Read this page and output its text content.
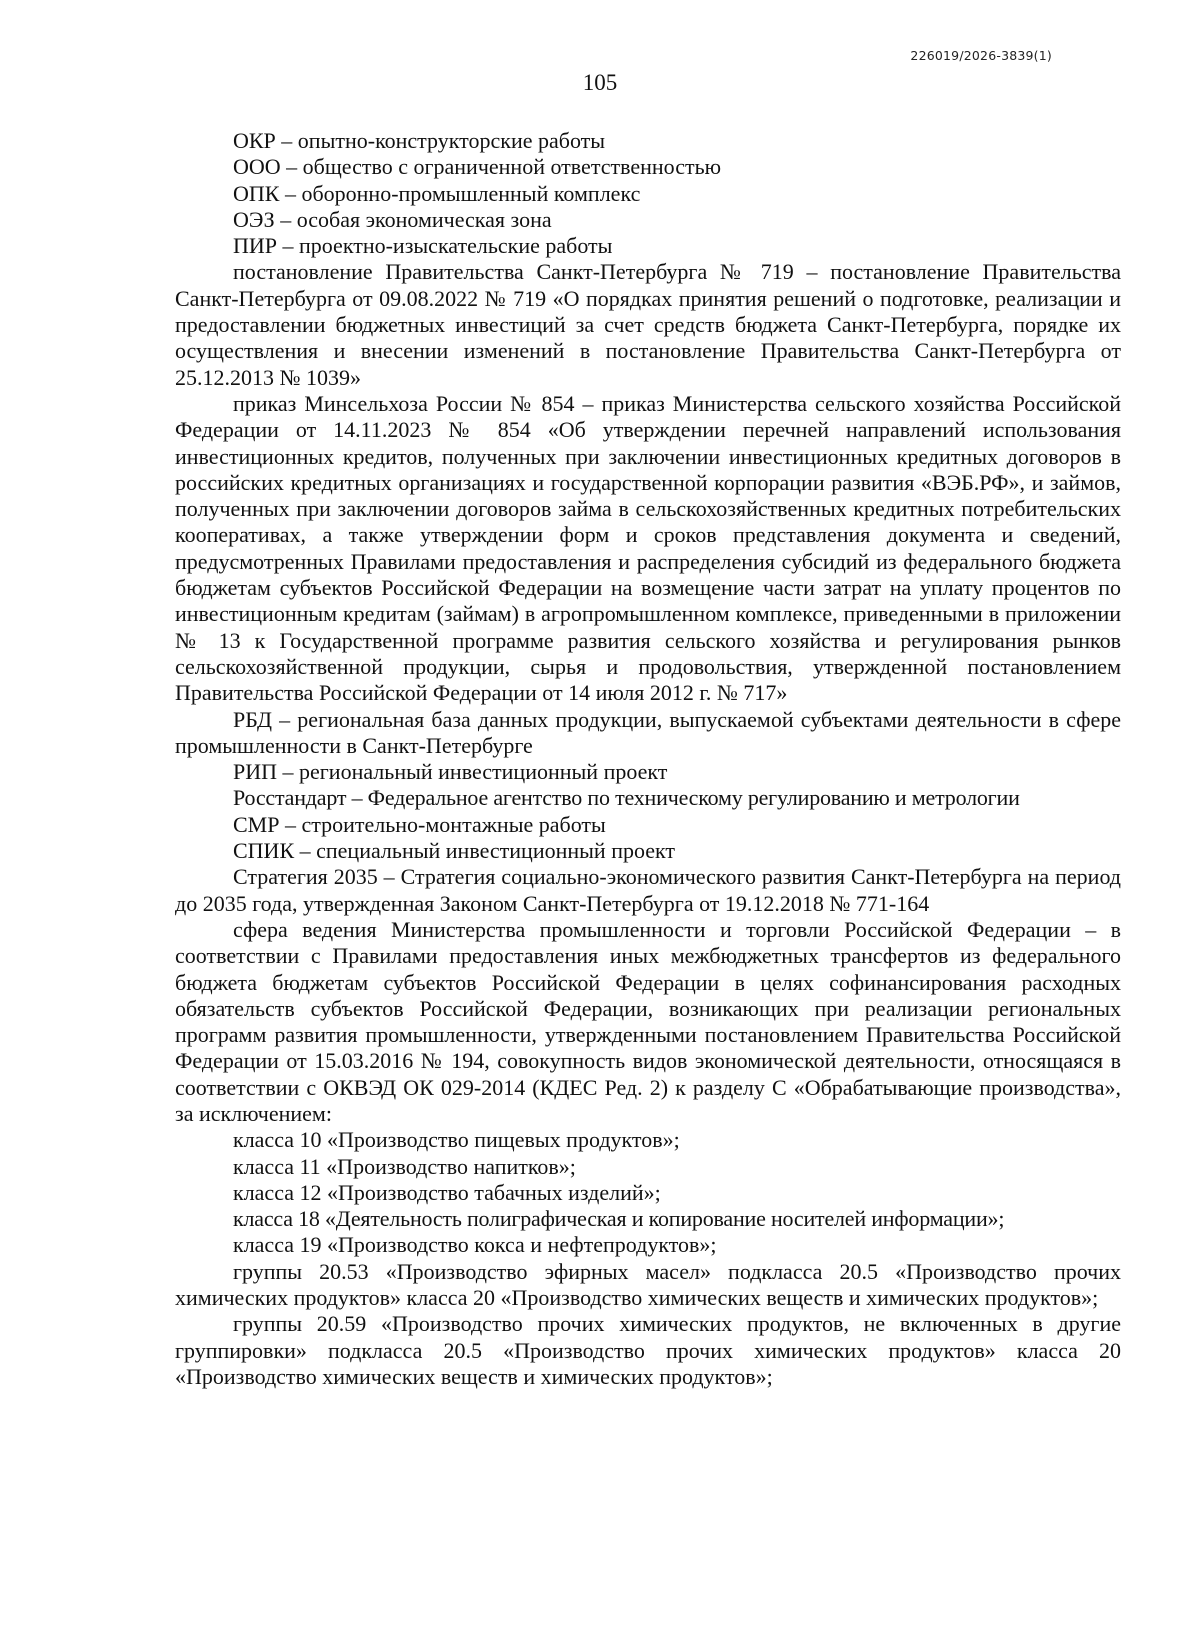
226019/2026-3839(1)
105

ОКР – опытно-конструкторские работы

ООО – общество с ограниченной ответственностью

ОПК – оборонно-промышленный комплекс

ОЭЗ – особая экономическая зона

ПИР – проектно-изыскательские работы

постановление Правительства Санкт-Петербурга № 719 – постановление Правительства Санкт-Петербурга от 09.08.2022 № 719 «О порядках принятия решений о подготовке, реализации и предоставлении бюджетных инвестиций за счет средств бюджета Санкт-Петербурга, порядке их осуществления и внесении изменений в постановление Правительства Санкт-Петербурга от 25.12.2013 № 1039»

приказ Минсельхоза России № 854 – приказ Министерства сельского хозяйства Российской Федерации от 14.11.2023 № 854 «Об утверждении перечней направлений использования инвестиционных кредитов, полученных при заключении инвестиционных кредитных договоров в российских кредитных организациях и государственной корпорации развития «ВЭБ.РФ», и займов, полученных при заключении договоров займа в сельскохозяйственных кредитных потребительских кооперативах, а также утверждении форм и сроков представления документа и сведений, предусмотренных Правилами предоставления и распределения субсидий из федерального бюджета бюджетам субъектов Российской Федерации на возмещение части затрат на уплату процентов по инвестиционным кредитам (займам) в агропромышленном комплексе, приведенными в приложении № 13 к Государственной программе развития сельского хозяйства и регулирования рынков сельскохозяйственной продукции, сырья и продовольствия, утвержденной постановлением Правительства Российской Федерации от 14 июля 2012 г. № 717»

РБД – региональная база данных продукции, выпускаемой субъектами деятельности в сфере промышленности в Санкт-Петербурге

РИП – региональный инвестиционный проект

Росстандарт – Федеральное агентство по техническому регулированию и метрологии

СМР – строительно-монтажные работы

СПИК – специальный инвестиционный проект

Стратегия 2035 – Стратегия социально-экономического развития Санкт-Петербурга на период до 2035 года, утвержденная Законом Санкт-Петербурга от 19.12.2018 № 771-164

сфера ведения Министерства промышленности и торговли Российской Федерации – в соответствии с Правилами предоставления иных межбюджетных трансфертов из федерального бюджета бюджетам субъектов Российской Федерации в целях софинансирования расходных обязательств субъектов Российской Федерации, возникающих при реализации региональных программ развития промышленности, утвержденными постановлением Правительства Российской Федерации от 15.03.2016 № 194, совокупность видов экономической деятельности, относящаяся в соответствии с ОКВЭД ОК 029-2014 (КДЕС Ред. 2) к разделу С «Обрабатывающие производства», за исключением:

класса 10 «Производство пищевых продуктов»;

класса 11 «Производство напитков»;

класса 12 «Производство табачных изделий»;

класса 18 «Деятельность полиграфическая и копирование носителей информации»;

класса 19 «Производство кокса и нефтепродуктов»;

группы 20.53 «Производство эфирных масел» подкласса 20.5 «Производство прочих химических продуктов» класса 20 «Производство химических веществ и химических продуктов»;

группы 20.59 «Производство прочих химических продуктов, не включенных в другие группировки» подкласса 20.5 «Производство прочих химических продуктов» класса 20 «Производство химических веществ и химических продуктов»;
